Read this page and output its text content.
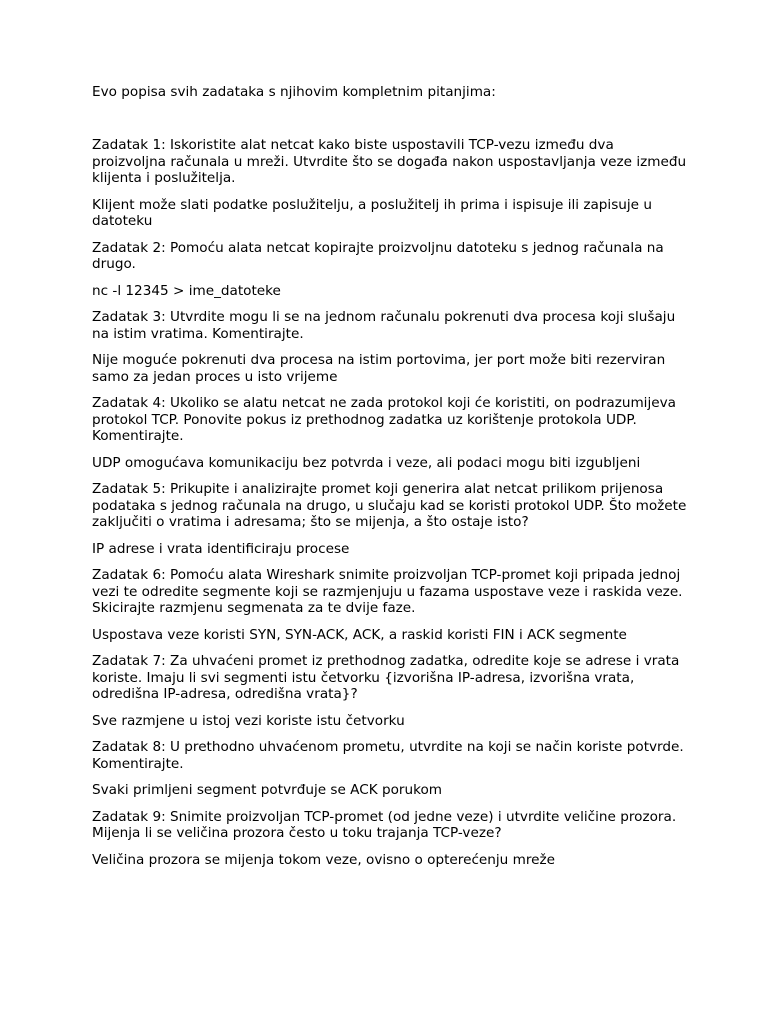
Evo popisa svih zadataka s njihovim kompletnim pitanjima:

Zadatak 1: Iskoristite alat netcat kako biste uspostavili TCP-vezu između dva proizvoljna računala u mreži. Utvrdite što se događa nakon uspostavljanja veze između klijenta i poslužitelja.

Klijent može slati podatke poslužitelju, a poslužitelj ih prima i ispisuje ili zapisuje u datoteku

Zadatak 2: Pomoću alata netcat kopirajte proizvoljnu datoteku s jednog računala na drugo.

nc -l 12345 > ime_datoteke

Zadatak 3: Utvrdite mogu li se na jednom računalu pokrenuti dva procesa koji slušaju na istim vratima. Komentirajte.

Nije moguće pokrenuti dva procesa na istim portovima, jer port može biti rezerviran samo za jedan proces u isto vrijeme

Zadatak 4: Ukoliko se alatu netcat ne zada protokol koji će koristiti, on podrazumijeva protokol TCP. Ponovite pokus iz prethodnog zadatka uz korištenje protokola UDP. Komentirajte.

UDP omogućava komunikaciju bez potvrda i veze, ali podaci mogu biti izgubljeni

Zadatak 5: Prikupite i analizirajte promet koji generira alat netcat prilikom prijenosa podataka s jednog računala na drugo, u slučaju kad se koristi protokol UDP. Što možete zaključiti o vratima i adresama; što se mijenja, a što ostaje isto?

IP adrese i vrata identificiraju procese

Zadatak 6: Pomoću alata Wireshark snimite proizvoljan TCP-promet koji pripada jednoj vezi te odredite segmente koji se razmjenjuju u fazama uspostave veze i raskida veze. Skicirajte razmjenu segmenata za te dvije faze.

Uspostava veze koristi SYN, SYN-ACK, ACK, a raskid koristi FIN i ACK segmente

Zadatak 7: Za uhvaćeni promet iz prethodnog zadatka, odredite koje se adrese i vrata koriste. Imaju li svi segmenti istu četvorku {izvorišna IP-adresa, izvorišna vrata, odredišna IP-adresa, odredišna vrata}?

Sve razmjene u istoj vezi koriste istu četvorku

Zadatak 8: U prethodno uhvaćenom prometu, utvrdite na koji se način koriste potvrde. Komentirajte.

Svaki primljeni segment potvrđuje se ACK porukom

Zadatak 9: Snimite proizvoljan TCP-promet (od jedne veze) i utvrdite veličine prozora. Mijenja li se veličina prozora često u toku trajanja TCP-veze?

Veličina prozora se mijenja tokom veze, ovisno o opterećenju mreže
